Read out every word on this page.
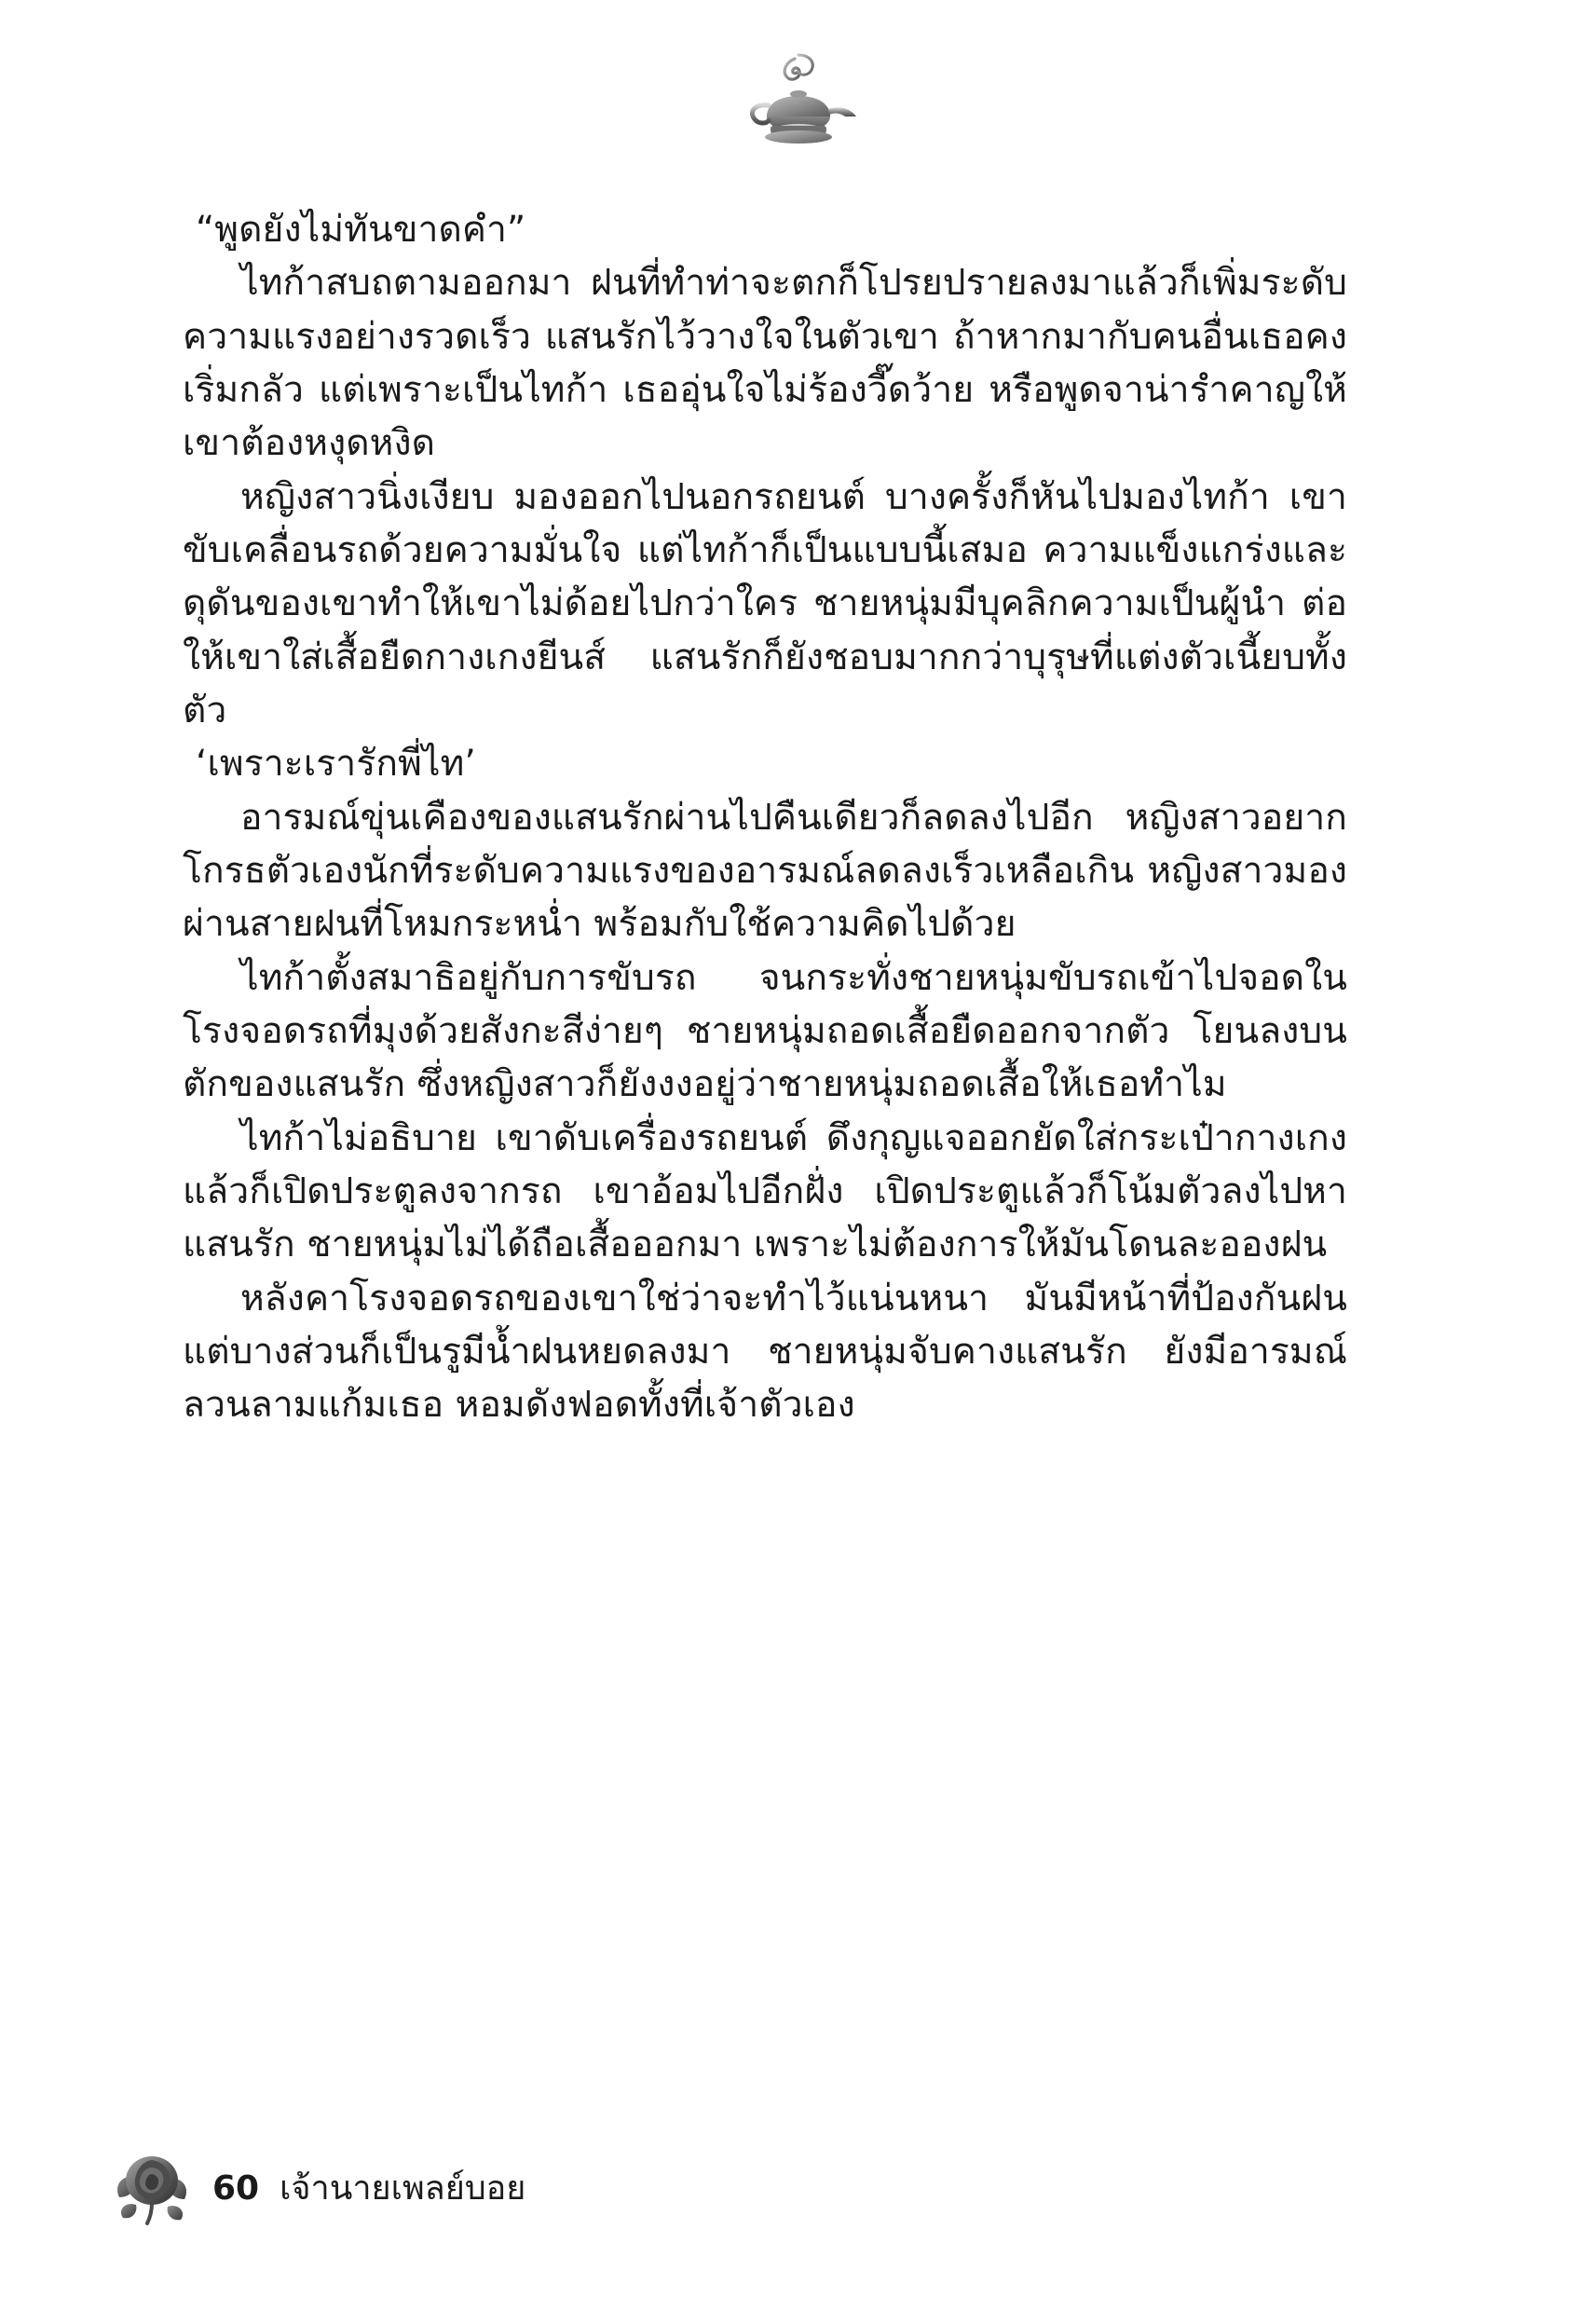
“พูดยังไม่ทันขาดคำ”

ไทก้าสบถตามออกมา ฝนที่ทำท่าจะตกก็โปรยปรายลงมาแล้วก็เพิ่มระดับความแรงอย่างรวดเร็ว แสนรักไว้วางใจในตัวเขา ถ้าหากมากับคนอื่นเธอคงเริ่มกลัว แต่เพราะเป็นไทก้า เธออุ่นใจไม่ร้องวี๊ดว้าย หรือพูดจาน่ารำคาญให้เขาต้องหงุดหงิด

หญิงสาวนิ่งเงียบ มองออกไปนอกรถยนต์ บางครั้งก็หันไปมองไทก้า เขาขับเคลื่อนรถด้วยความมั่นใจ แต่ไทก้าก็เป็นแบบนี้เสมอ ความแข็งแกร่งและดุดันของเขาทำให้เขาไม่ด้อยไปกว่าใคร ชายหนุ่มมีบุคลิกความเป็นผู้นำ ต่อให้เขาใส่เสื้อยืดกางเกงยีนส์ แสนรักก็ยังชอบมากกว่าบุรุษที่แต่งตัวเนี้ยบทั้งตัว

‘เพราะเรารักพี่ไท’

อารมณ์ขุ่นเคืองของแสนรักผ่านไปคืนเดียวก็ลดลงไปอีก หญิงสาวอยากโกรธตัวเองนักที่ระดับความแรงของอารมณ์ลดลงเร็วเหลือเกิน หญิงสาวมองผ่านสายฝนที่โหมกระหน่ำ พร้อมกับใช้ความคิดไปด้วย

ไทก้าตั้งสมาธิอยู่กับการขับรถ จนกระทั่งชายหนุ่มขับรถเข้าไปจอดในโรงจอดรถที่มุงด้วยสังกะสีง่ายๆ ชายหนุ่มถอดเสื้อยืดออกจากตัว โยนลงบนตักของแสนรัก ซึ่งหญิงสาวก็ยังงงอยู่ว่าชายหนุ่มถอดเสื้อให้เธอทำไม

ไทก้าไม่อธิบาย เขาดับเครื่องรถยนต์ ดึงกุญแจออกยัดใส่กระเป๋ากางเกงแล้วก็เปิดประตูลงจากรถ เขาอ้อมไปอีกฝั่ง เปิดประตูแล้วก็โน้มตัวลงไปหาแสนรัก ชายหนุ่มไม่ได้ถือเสื้อออกมา เพราะไม่ต้องการให้มันโดนละอองฝน

หลังคาโรงจอดรถของเขาใช่ว่าจะทำไว้แน่นหนา มันมีหน้าที่ป้องกันฝน แต่บางส่วนก็เป็นรูมีน้ำฝนหยดลงมา ชายหนุ่มจับคางแสนรัก ยังมีอารมณ์ลวนลามแก้มเธอ หอมดังฟอดทั้งที่เจ้าตัวเอง

60 เจ้านายเพลย์บอย
